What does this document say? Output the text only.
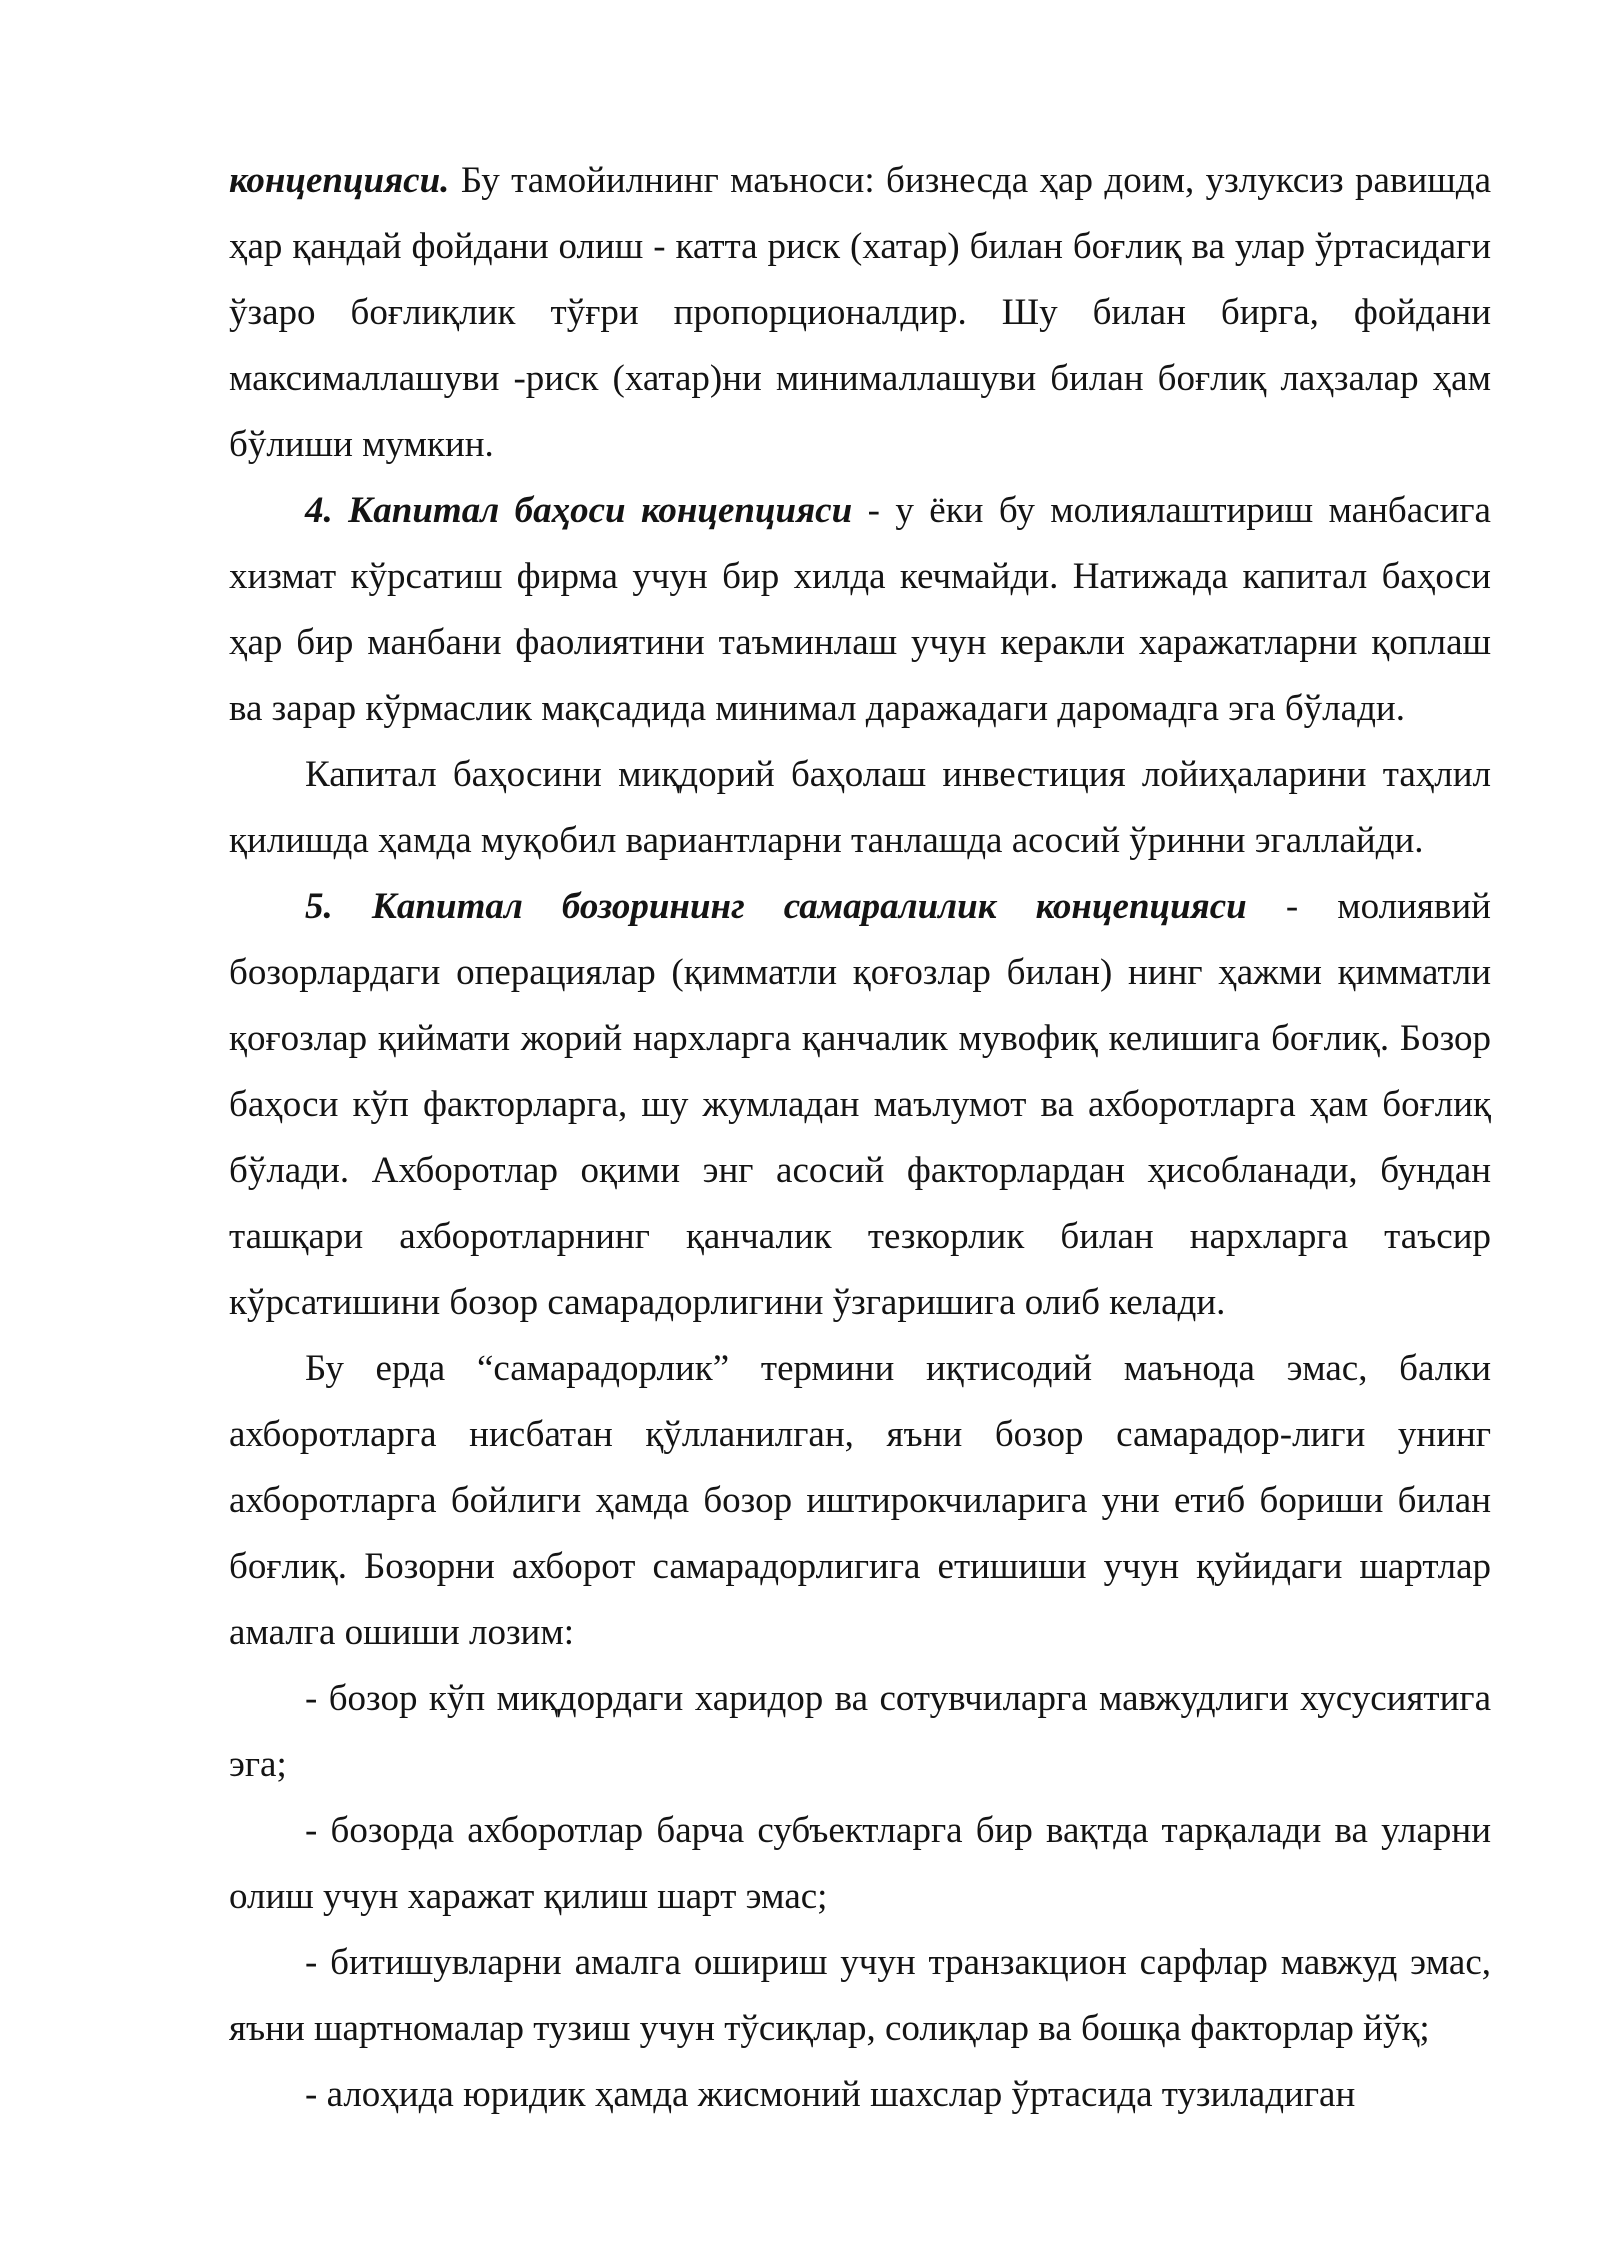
концепцияси. Бу тамойилнинг маъноси: бизнесда ҳар доим, узлуксиз равишда ҳар қандай фойдани олиш - катта риск (хатар) билан боғлиқ ва улар ўртасидаги ўзаро боғлиқлик тўғри пропорционалдир. Шу билан бирга, фойдани максималлашуви -риск (хатар)ни минималлашуви билан боғлиқ лаҳзалар ҳам бўлиши мумкин.

4. Капитал баҳоси концепцияси - у ёки бу молиялаштириш манбасига хизмат кўрсатиш фирма учун бир хилда кечмайди. Натижада капитал баҳоси ҳар бир манбани фаолиятини таъминлаш учун керакли харажатларни қоплаш ва зарар кўрмаслик мақсадида минимал даражадаги даромадга эга бўлади.

Капитал баҳосини миқдорий баҳолаш инвестиция лойиҳаларини таҳлил қилишда ҳамда муқобил вариантларни танлашда асосий ўринни эгаллайди.

5. Капитал бозорининг самаралилик концепцияси - молиявий бозорлардаги операциялар (қимматли қоғозлар билан) нинг ҳажми қимматли қоғозлар қиймати жорий нархларга қанчалик мувофиқ келишига боғлиқ. Бозор баҳоси кўп факторларга, шу жумладан маълумот ва ахборотларга ҳам боғлиқ бўлади. Ахборотлар оқими энг асосий факторлардан ҳисобланади, бундан ташқари ахборотларнинг қанчалик тезкорлик билан нархларга таъсир кўрсатишини бозор самарадорлигини ўзгаришига олиб келади.

Бу ерда “самарадорлик” термини иқтисодий маънода эмас, балки ахборотларга нисбатан қўлланилган, яъни бозор самарадор-лиги унинг ахборотларга бойлиги ҳамда бозор иштирокчиларига уни етиб бориши билан боғлиқ. Бозорни ахборот самарадорлигига етишиши учун қуйидаги шартлар амалга ошиши лозим:

- бозор кўп миқдордаги харидор ва сотувчиларга мавжудлиги хусусиятига эга;

- бозорда ахборотлар барча субъектларга бир вақтда тарқалади ва уларни олиш учун харажат қилиш шарт эмас;

- битишувларни амалга ошириш учун транзакцион сарфлар мавжуд эмас, яъни шартномалар тузиш учун тўсиқлар, солиқлар ва бошқа факторлар йўқ;

- алоҳида юридик ҳамда жисмоний шахслар ўртасида тузиладиган
